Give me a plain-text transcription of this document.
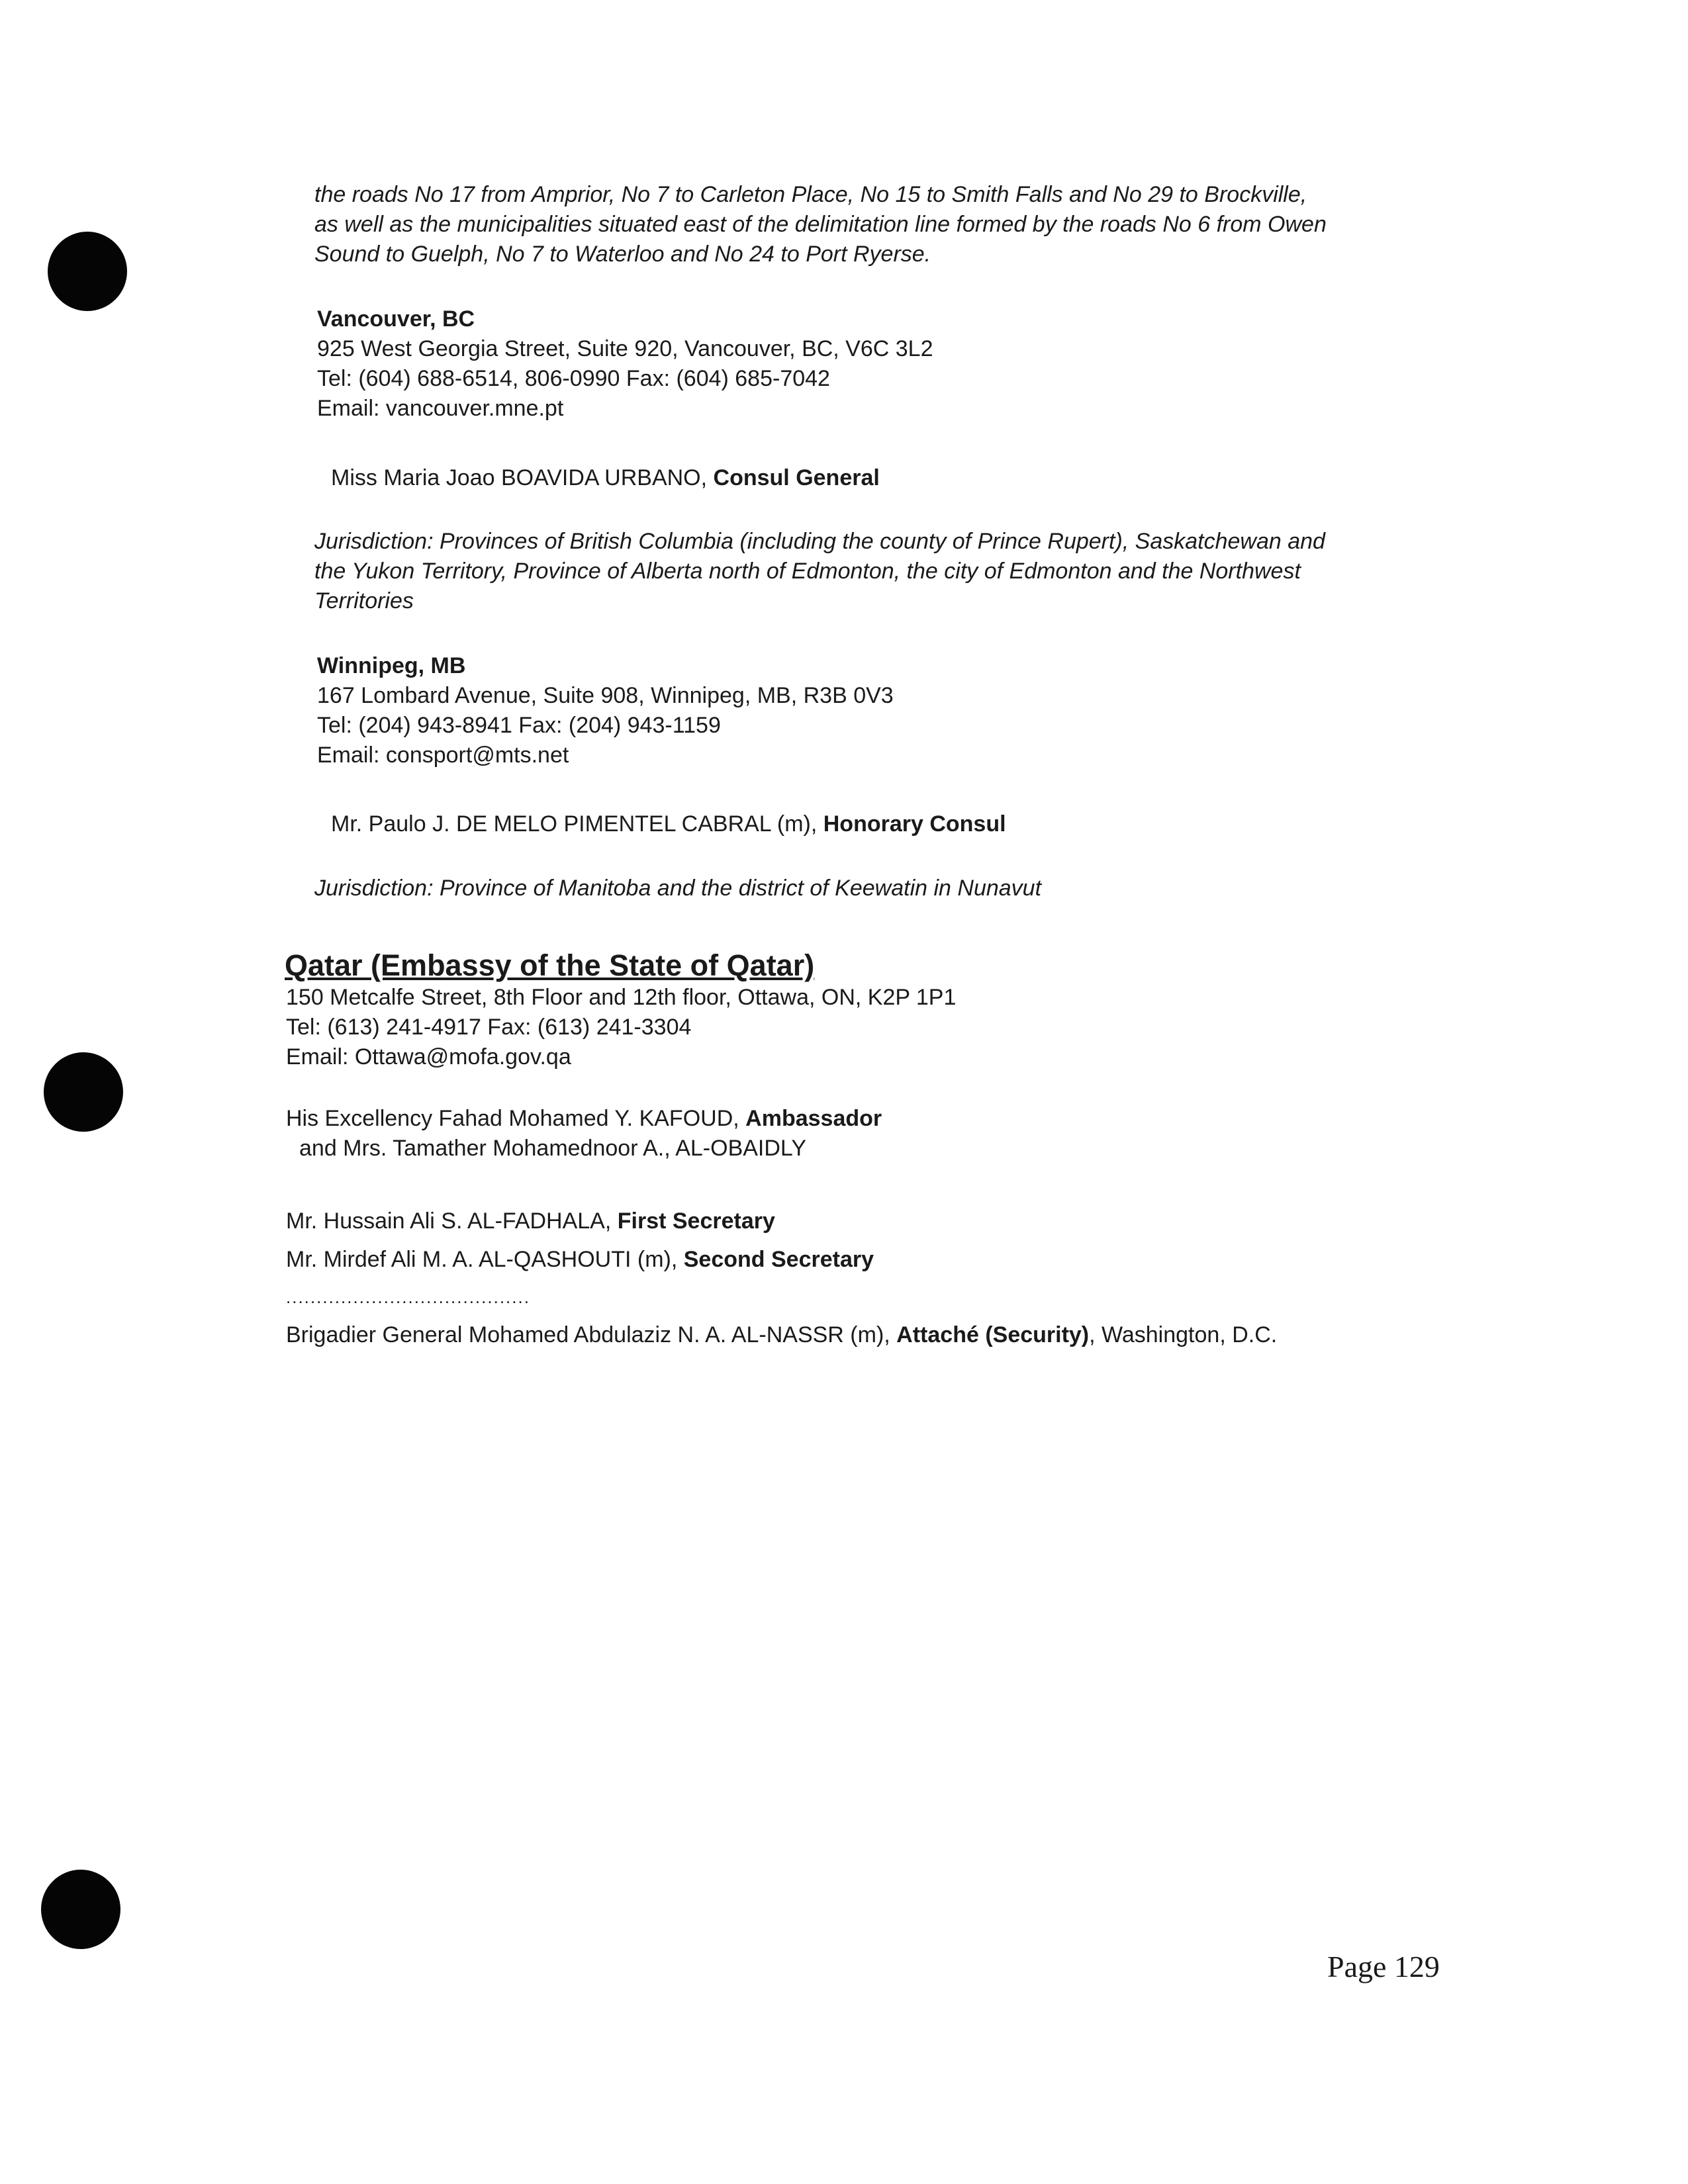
the roads No 17 from Amprior, No 7 to Carleton Place, No 15 to Smith Falls and No 29 to Brockville,
as well as the municipalities situated east of the delimitation line formed by the roads No 6 from Owen
Sound to Guelph, No 7 to Waterloo and No 24 to Port Ryerse.
Vancouver, BC
925 West Georgia Street, Suite 920, Vancouver, BC, V6C 3L2
Tel: (604) 688-6514, 806-0990 Fax: (604) 685-7042
Email: vancouver.mne.pt
Miss Maria Joao BOAVIDA URBANO, Consul General
Jurisdiction: Provinces of British Columbia (including the county of Prince Rupert), Saskatchewan and
the Yukon Territory, Province of Alberta north of Edmonton, the city of Edmonton and the Northwest
Territories
Winnipeg, MB
167 Lombard Avenue, Suite 908, Winnipeg, MB, R3B 0V3
Tel: (204) 943-8941 Fax: (204) 943-1159
Email: consport@mts.net
Mr. Paulo J. DE MELO PIMENTEL CABRAL (m), Honorary Consul
Jurisdiction: Province of Manitoba and the district of Keewatin in Nunavut
Qatar (Embassy of the State of Qatar)
150 Metcalfe Street, 8th Floor and 12th floor, Ottawa, ON, K2P 1P1
Tel: (613) 241-4917 Fax: (613) 241-3304
Email: Ottawa@mofa.gov.qa
His Excellency Fahad Mohamed Y. KAFOUD, Ambassador
and Mrs. Tamather Mohamednoor A., AL-OBAIDLY
Mr. Hussain Ali S. AL-FADHALA, First Secretary
Mr. Mirdef Ali M. A. AL-QASHOUTI (m), Second Secretary
........................................
Brigadier General Mohamed Abdulaziz N. A. AL-NASSR (m), Attaché (Security), Washington, D.C.
Page 129
